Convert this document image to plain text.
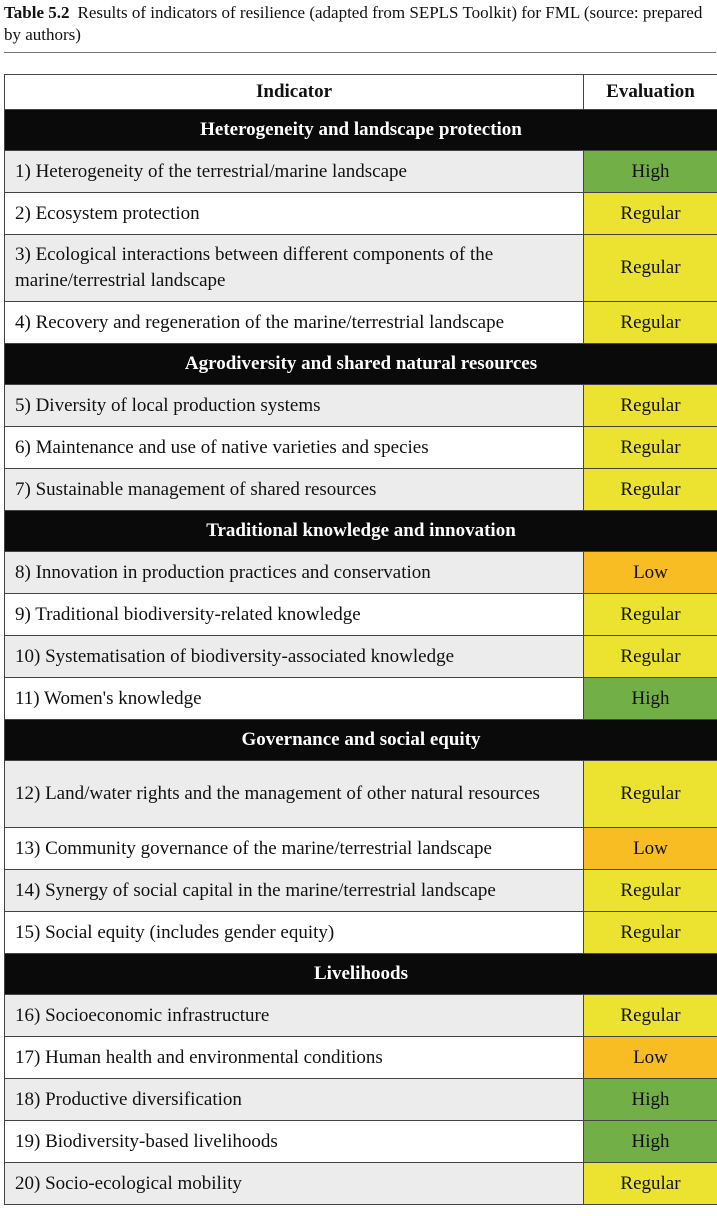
Table 5.2 Results of indicators of resilience (adapted from SEPLS Toolkit) for FML (source: prepared by authors)
Indicator	Evaluation
Heterogeneity and landscape protection	
1) Heterogeneity of the terrestrial/marine landscape	High
2) Ecosystem protection	Regular
3) Ecological interactions between different components of the marine/terrestrial landscape	Regular
4) Recovery and regeneration of the marine/terrestrial landscape	Regular
Agrodiversity and shared natural resources	
5) Diversity of local production systems	Regular
6) Maintenance and use of native varieties and species	Regular
7) Sustainable management of shared resources	Regular
Traditional knowledge and innovation	
8) Innovation in production practices and conservation	Low
9) Traditional biodiversity-related knowledge	Regular
10) Systematisation of biodiversity-associated knowledge	Regular
11) Women's knowledge	High
Governance and social equity	
12) Land/water rights and the management of other natural resources	Regular
13) Community governance of the marine/terrestrial landscape	Low
14) Synergy of social capital in the marine/terrestrial landscape	Regular
15) Social equity (includes gender equity)	Regular
Livelihoods	
16) Socioeconomic infrastructure	Regular
17) Human health and environmental conditions	Low
18) Productive diversification	High
19) Biodiversity-based livelihoods	High
20) Socio-ecological mobility	Regular
